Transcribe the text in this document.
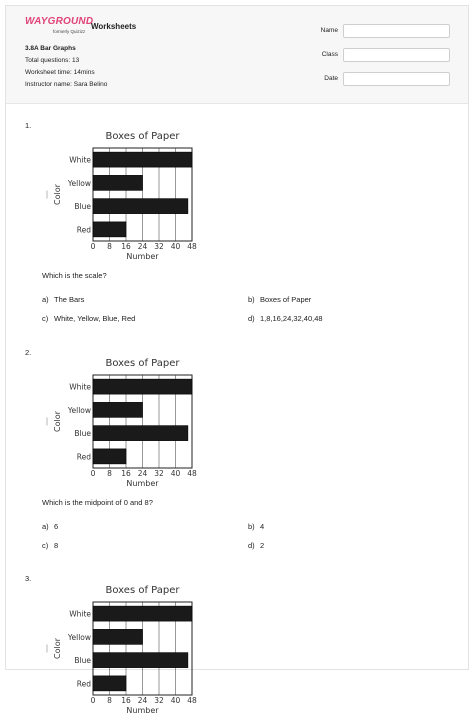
WAYGROUND
formerly Quizizz
Worksheets
3.8A Bar Graphs
Total questions: 13
Worksheet time: 14mins
Instructor name: Sara Belino
Name
Class
Date
1.
Boxes of Paper
White
Yellow
Blue
Red
0 8 16 24 32 40 48
Number
Color
Which is the scale?
a) The Bars	b) Boxes of Paper
c) White, Yellow, Blue, Red	d) 1,8,16,24,32,40,48
2.
Boxes of Paper
White
Yellow
Blue
Red
0 8 16 24 32 40 48
Number
Color
Which is the midpoint of 0 and 8?
a) 6	b) 4
c) 8	d) 2
3.
Boxes of Paper
White
Yellow
Blue
Red
0 8 16 24 32 40 48
Number
Color
